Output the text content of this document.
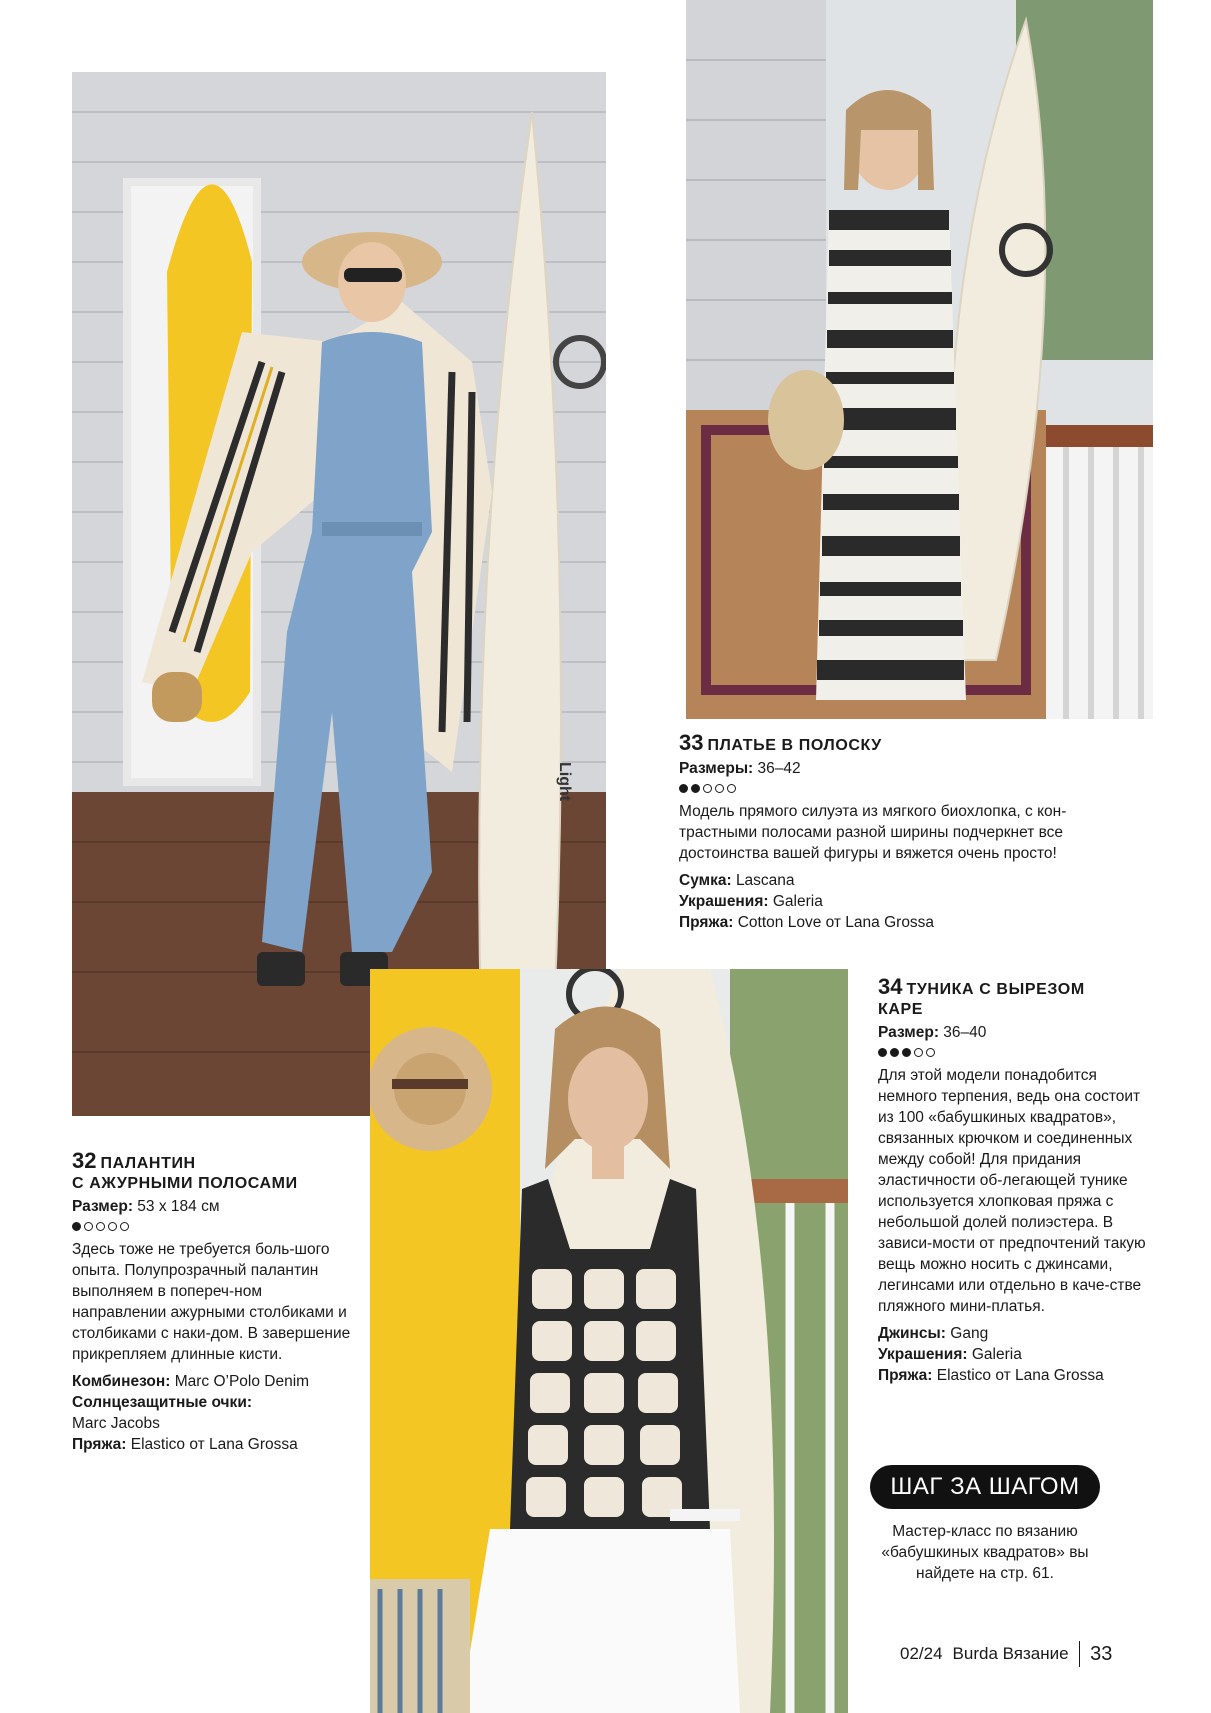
Light
33 ПЛАТЬЕ В ПОЛОСКУ
Размеры: 36–42

Модель прямого силуэта из мягкого биохлопка, с кон-трастными полосами разной ширины подчеркнет все достоинства вашей фигуры и вяжется очень просто!

Сумка: Lascana

Украшения: Galeria

Пряжа: Cotton Love от Lana Grossa

34 ТУНИКА С ВЫРЕЗОМ
КАРЕ
Размер: 36–40

Для этой модели понадобится немного терпения, ведь она состоит из 100 «бабушкиных квадратов», связанных крючком и соединенных между собой! Для придания эластичности об-легающей тунике используется хлопковая пряжа с небольшой долей полиэстера. В зависи-мости от предпочтений такую вещь можно носить с джинсами, легинсами или отдельно в каче-стве пляжного мини-платья.

Джинсы: Gang

Украшения: Galeria

Пряжа: Elastico от Lana Grossa

32 ПАЛАНТИН
С АЖУРНЫМИ ПОЛОСАМИ
Размер: 53 х 184 см

Здесь тоже не требуется боль-шого опыта. Полупрозрачный палантин выполняем в попереч-ном направлении ажурными столбиками и столбиками с наки-дом. В завершение прикрепляем длинные кисти.

Комбинезон: Marc O’Polo Denim

Солнцезащитные очки:
Marc Jacobs

Пряжа: Elastico от Lana Grossa

ШАГ ЗА ШАГОМ
Мастер-класс по вязанию «бабушкиных квадратов» вы найдете на стр. 61.
02/24 Burda Вязание 33
